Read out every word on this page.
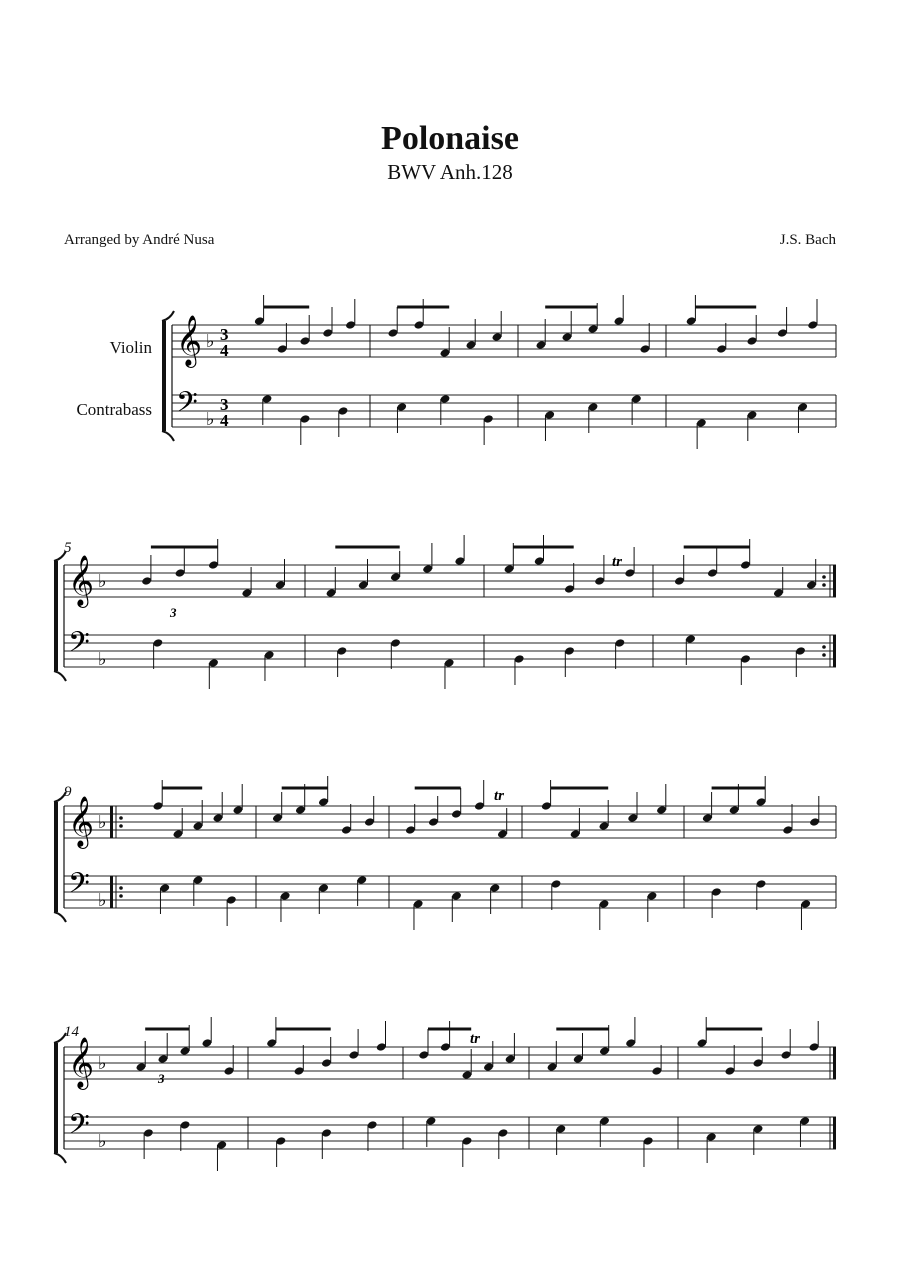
Polonaise
BWV Anh.128
Arranged by André Nusa	J.S. Bach
Violin
Contrabass
5
9
14
𝄞
𝄢
♭
♭
3
4
3
4
𝄞
𝄢
♭
♭
𝄞
𝄢
♭
♭
𝄞
𝄢
♭
♭
3
3
tr
tr
tr
